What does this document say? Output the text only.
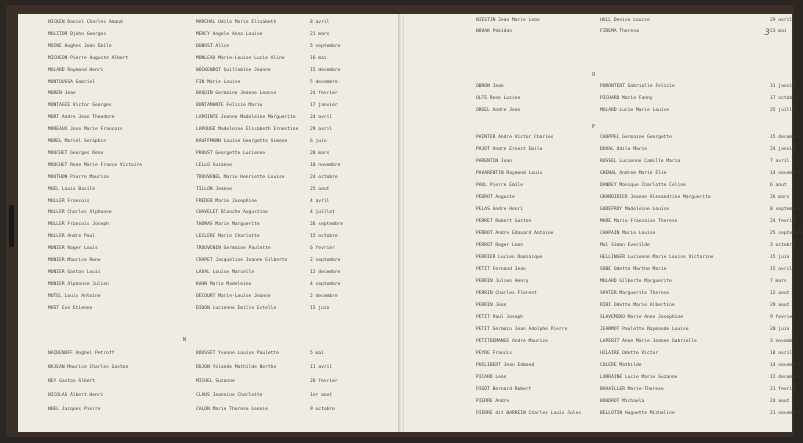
NICKEN Daniel Charles Amand	MARCHAL Odile Marie Elisabeth	8 avril
MOLITOR Djohn Georges	MERCY Angele Anna Louise	21 mars
MOINE Hughes Jean Emile	DUBOST Alice	5 septembre
MICHEON Pierre Auguste Albert	MONLEAU Marie-Louise Lucie Aline	16 mai
MOLARD Raymond Henri	WOCKENDOT Guillemine Jeanne	15 decembre
MONTOUSSA Gabriel	FIN Marie Louise	5 decembre
MOREN Jean	BAQUIN Germaine Jeanne Leonie	24 fevrier
MONTAGIE Victor Georges	BONTAMANTE Felicie Marie	17 janvier
MORT Andre Jean Theodore	LAPOINTE Jeanne Madeleine Marguerite	24 avril
MOREAUX Jose Marie Francois	LAPOUGE Madeleine Elisabeth Ernestine	29 avril
MOREL Marcel Seraphin	KAUFFMANN Louise Georgette Simone	6 juin
MOUCHET Georges Rene	PROUST Georgette Lucienne	28 mars
MOUCHET Rene Marie France Victoire	LELLO Suzanne	10 novembre
MOUTHON Pierre Maurice	TROUVENEL Marie Henriette Louise	24 octobre
MUEL Louis Basile	TILLON Jeanne	25 aout
MULLER Francois	FREDER Marie Josephine	4 avril
MULLER Charles Alphonse	CHAVELET Blanche Augustine	4 juillet
MULLER Francois Joseph	THOMAS Marie Marguerite	26 septembre
MULLER Andre Paul	LECLERC Marie Charlotte	15 octobre
MUNIER Roger Louis	TROUVENIN Germaine Paulette	6 fevrier
MUNIER Maurice Rene	CRAPET Jacqueline Jeanne Gilberte	2 septembre
MUNIER Gaston Louis	LAVAL Louise Marcelle	12 decembre
MUNIER Alphonse Julien	KAHN Marie Madeleine	4 septembre
MUTEL Louis Antoine	DECOURT Marie-Louise Jeanne	2 decembre
MUST Eve Etienne	DIDON Lucienne Emilie Estelle	15 juin
N
NAIDENOFF Anghel Petroff	ROUSSET Yvonne Louise Paulette	5 mai
NAJEAN Maurice Charles Gaston	DUJON Yolande Mathilde Berthe	11 avril
NEY Gaston Albert	MICHEL Suzanne	28 fevrier
NICOLAS Albert Henri	CLAUS Jeannine Charlotte	1er aout
NOEL Jacques Pierre	CALON Marie Therese Leonie	9 octobre
3
NIESTIN Jean Marie Leon	HULL Denise Louise	29 avril
NOVAK Pokidan	FIDEMA Theresa	23 mai
O
OBRON Jean	PURONTERT Gabrielle Felicie	31 janvier
OLTS Rene Lucien	PICHARD Marie Fanny	17 octobre
ORGEL Andre Jean	MOLARD Lucie Marie Louise	25 juillet
P
PAINTER Andre Victor Charles	CHOPPEL Germaine Georgette	15 decembre
PAJOT Andre Ernest Emile	DUVAL Odile Marie	24 janvier
PARENTIN Jean	ROSSEL Lucienne Camille Maria	7 avril
PAVARENTIN Raymond Louis	GRENAL Andree Marie Elie	14 novembre
PAUL Pierre Emile	DANDEY Monique Charlotte Celine	6 aout
PEDROT Auguste	GRANDIDIER Jeanne Alexandrine Marguerite	26 mars
PELAS Andre Henri	GODEFROY Madeleine Louise	8 septembre
PERRET Robert Gaston	MARE Marie Francoise Therese	24 fevrier
PERROT Andre Edouard Antoine	CHAPAIN Marie Louise	25 septembre
PERROT Roger Leon	Mal Simon Everilde	3 octobre
PERRIER Lucien Dominique	HELLINGER Lucienne Marie Louise Victorine	15 juin
PETIT Fernand Jean	SOBE Odette Marthe Marie	15 avril
PERRIN Julien Henry	MOLARD Gilberte Marguerite	7 mars
PERRIN Charles Florent	SPATER Marguerite Therese	12 aout
PERRIN Jean	RIBI Odette Marie Albertine	29 aout
PETIT Paul Joseph	SLAVEMIKO Marie Anne Josephine	9 fevrier
PETIT Germain Jean Adolphe Pierre	JEANMOT Paulette Raymonde Louise	20 juin
PETITDEMANGE Andre Maurice	LAPERIT Anne Marie Jeanne Gabrielle	3 novembre
PEYRE Francis	HILAIRE Odette Victor	18 avril
PHILIBERT Jean Edmond	COLERE Mathilde	14 novembre
PICARD Leon	LORRAINE Lucie Marie Suzanne	12 decembre
PIGOT Bernard Robert	BAVAILLER Marie-Therese	21 fevrier
PIERRE Andre	BOUDROT Michaela	24 aout
PIERRE dit BARREIN Charles Louis Jules	BELLOTIN Huguette Micheline	21 novembre
